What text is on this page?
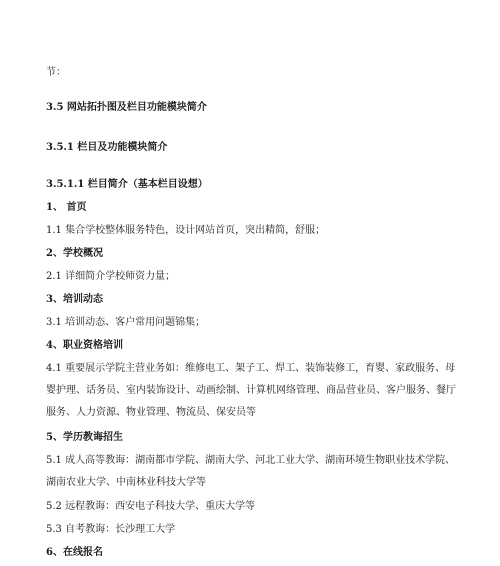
节：
3.5 网站拓扑图及栏目功能模块简介
3.5.1 栏目及功能模块简介
3.5.1.1 栏目简介（基本栏目设想）
1、 首页
1.1 集合学校整体服务特色，设计网站首页，突出精简，舒服；
2、学校概况
2.1 详细简介学校师资力量；
3、培训动态
3.1 培训动态、客户常用问题锦集；
4、职业资格培训
4.1 重要展示学院主营业务如：维修电工、架子工、焊工、装饰装修工，育婴、家政服务、母婴护理、话务员、室内装饰设计、动画绘制、计算机网络管理、商品营业员、客户服务、餐厅服务、人力资源、物业管理、物流员、保安员等
5、学历教诲招生
5.1 成人高等教诲：湖南都市学院、湖南大学、河北工业大学、湖南环境生物职业技术学院、湖南农业大学、中南林业科技大学等
5.2 远程教诲：西安电子科技大学、重庆大学等
5.3 自考教诲：长沙理工大学
6、在线报名
